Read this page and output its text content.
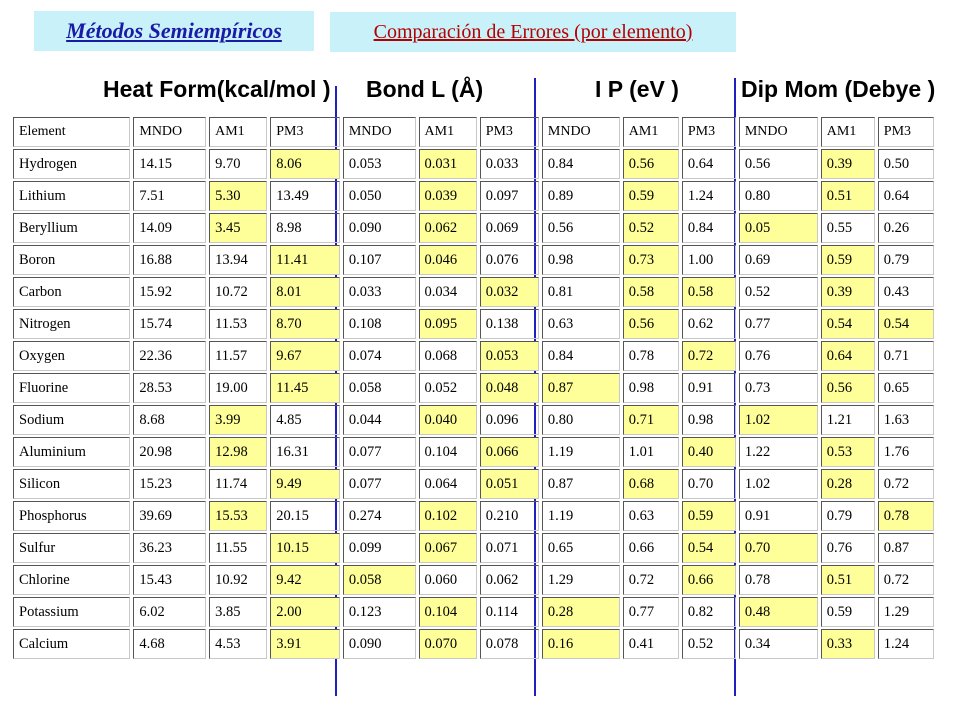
Métodos Semiempíricos	Comparación de Errores (por elemento)
Heat Form(kcal/mol ) Bond L (Å)	I P (eV )	Dip Mom (Debye )
Element	MNDO	AM1	PM3	MNDO	AM1	PM3	MNDO	AM1	PM3	MNDO	AM1	PM3
Hydrogen	14.15	9.70	8.06	0.053	0.031	0.033	0.84	0.56	0.64	0.56	0.39	0.50
Lithium	7.51	5.30	13.49	0.050	0.039	0.097	0.89	0.59	1.24	0.80	0.51	0.64
Beryllium	14.09	3.45	8.98	0.090	0.062	0.069	0.56	0.52	0.84	0.05	0.55	0.26
Boron	16.88	13.94	11.41	0.107	0.046	0.076	0.98	0.73	1.00	0.69	0.59	0.79
Carbon	15.92	10.72	8.01	0.033	0.034	0.032	0.81	0.58	0.58	0.52	0.39	0.43
Nitrogen	15.74	11.53	8.70	0.108	0.095	0.138	0.63	0.56	0.62	0.77	0.54	0.54
Oxygen	22.36	11.57	9.67	0.074	0.068	0.053	0.84	0.78	0.72	0.76	0.64	0.71
Fluorine	28.53	19.00	11.45	0.058	0.052	0.048	0.87	0.98	0.91	0.73	0.56	0.65
Sodium	8.68	3.99	4.85	0.044	0.040	0.096	0.80	0.71	0.98	1.02	1.21	1.63
Aluminium	20.98	12.98	16.31	0.077	0.104	0.066	1.19	1.01	0.40	1.22	0.53	1.76
Silicon	15.23	11.74	9.49	0.077	0.064	0.051	0.87	0.68	0.70	1.02	0.28	0.72
Phosphorus	39.69	15.53	20.15	0.274	0.102	0.210	1.19	0.63	0.59	0.91	0.79	0.78
Sulfur	36.23	11.55	10.15	0.099	0.067	0.071	0.65	0.66	0.54	0.70	0.76	0.87
Chlorine	15.43	10.92	9.42	0.058	0.060	0.062	1.29	0.72	0.66	0.78	0.51	0.72
Potassium	6.02	3.85	2.00	0.123	0.104	0.114	0.28	0.77	0.82	0.48	0.59	1.29
Calcium	4.68	4.53	3.91	0.090	0.070	0.078	0.16	0.41	0.52	0.34	0.33	1.24
